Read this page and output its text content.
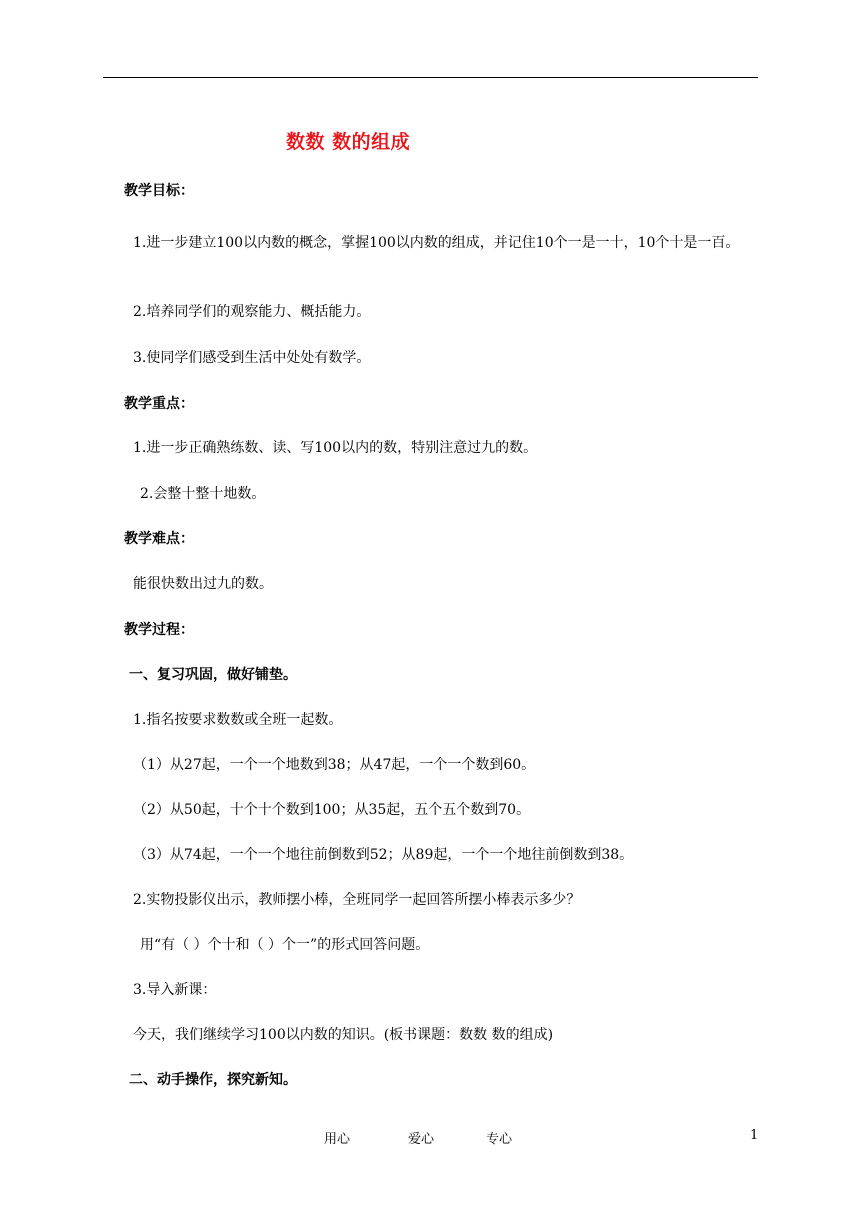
数数 数的组成
教学目标：
1.进一步建立100以内数的概念，掌握100以内数的组成，并记住10个一是一十，10个十是一百。
2.培养同学们的观察能力、概括能力。
3.使同学们感受到生活中处处有数学。
教学重点：
1.进一步正确熟练数、读、写100以内的数，特别注意过九的数。
2.会整十整十地数。
教学难点：
能很快数出过九的数。
教学过程：
一、复习巩固，做好铺垫。
1.指名按要求数数或全班一起数。
（1）从27起，一个一个地数到38；从47起，一个一个数到60。
（2）从50起，十个十个数到100；从35起，五个五个数到70。
（3）从74起，一个一个地往前倒数到52；从89起，一个一个地往前倒数到38。
2.实物投影仪出示，教师摆小棒，全班同学一起回答所摆小棒表示多少？
用“有（ ）个十和（ ）个一”的形式回答问题。
3.导入新课：
今天，我们继续学习100以内数的知识。(板书课题：数数 数的组成)
二、动手操作，探究新知。
用心	爱心	专心	1
